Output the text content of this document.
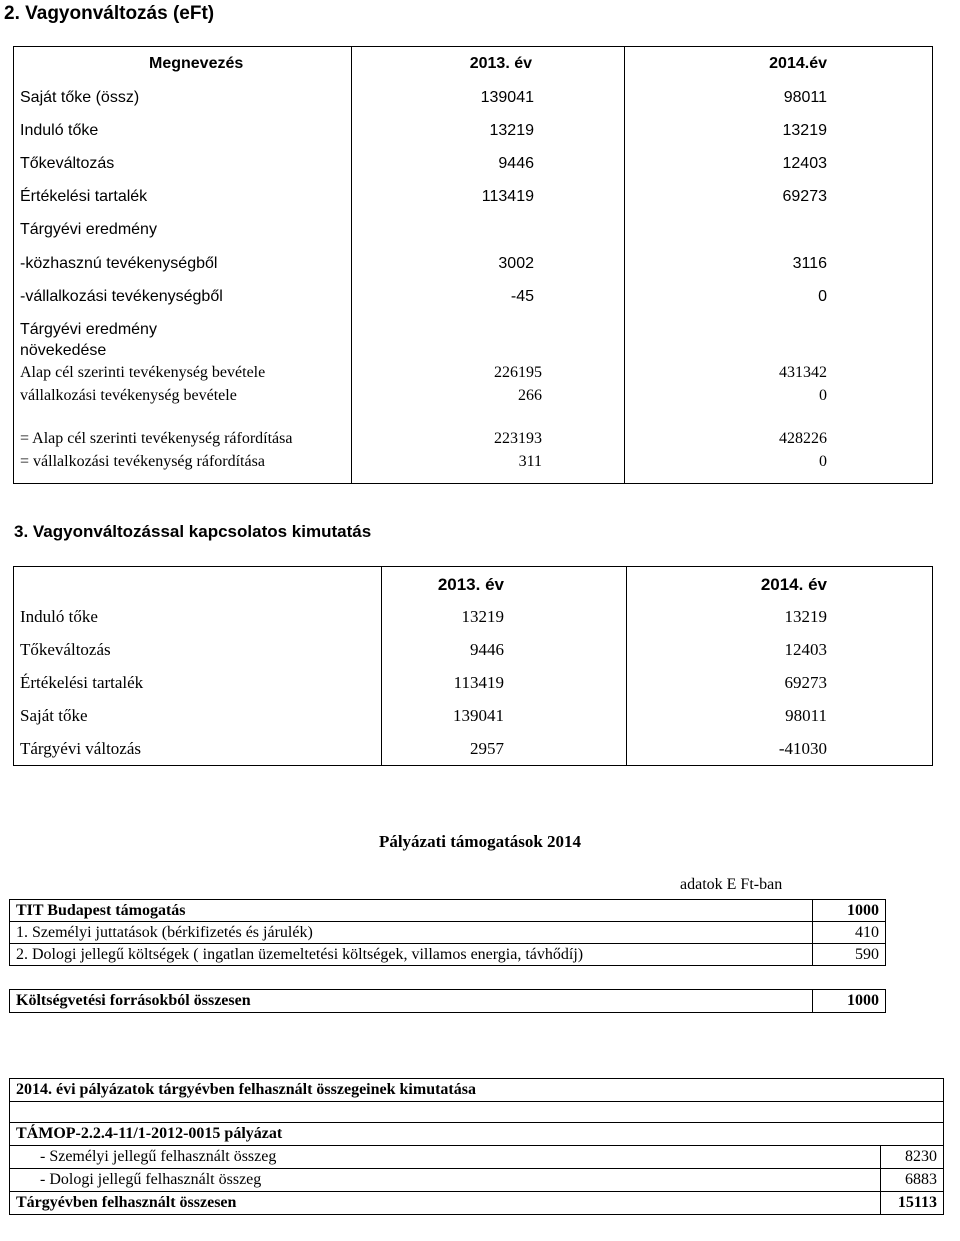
2. Vagyonváltozás (eFt)
Megnevezés	2013. év	2014.év
Saját tőke (össz)	139041	98011
Induló tőke	13219	13219
Tőkeváltozás	9446	12403
Értékelési tartalék	113419	69273
Tárgyévi eredmény
-közhasznú tevékenységből	3002	3116
-vállalkozási tevékenységből	-45	0
Tárgyévi eredmény
növekedése
Alap cél szerinti tevékenység bevétele	226195	431342
vállalkozási tevékenység bevétele	266	0
= Alap cél szerinti tevékenység ráfordítása	223193	428226
= vállalkozási tevékenység ráfordítása	311	0
3. Vagyonváltozással kapcsolatos kimutatás
2013. év	2014. év
Induló tőke	13219	13219
Tőkeváltozás	9446	12403
Értékelési tartalék	113419	69273
Saját tőke	139041	98011
Tárgyévi változás	2957	-41030
Pályázati támogatások 2014
adatok E Ft-ban
TIT Budapest támogatás	1000
1. Személyi juttatások (bérkifizetés és járulék)	410
2. Dologi jellegű költségek ( ingatlan üzemeltetési költségek, villamos energia, távhődíj)	590
Költségvetési forrásokból összesen	1000
2014. évi pályázatok tárgyévben felhasznált összegeinek kimutatása	

TÁMOP-2.2.4-11/1-2012-0015 pályázat	
- Személyi jellegű felhasznált összeg	8230
- Dologi jellegű felhasznált összeg	6883
Tárgyévben felhasznált összesen	15113
